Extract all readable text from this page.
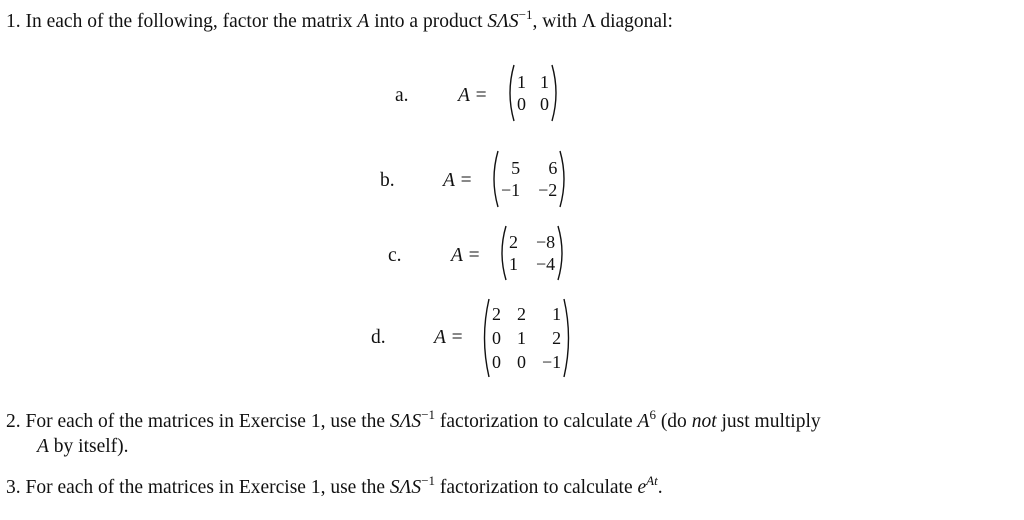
1. In each of the following, factor the matrix A into a product $S\Lambda S^{-1}$, with Λ diagonal:
a.	A =
1 1
0 0
b. A =
5	6
−1 −2
c.	A =
2 −8
1 −4
d. A =
2 2	1
0 1	2
0 0 −1
2. For each of the matrices in Exercise 1, use the $S\Lambda S^{-1}$ factorization to calculate $A^6$ (do not just multiply
A by itself).
3. For each of the matrices in Exercise 1, use the $S\Lambda S^{-1}$ factorization to calculate $e^{At}$.
